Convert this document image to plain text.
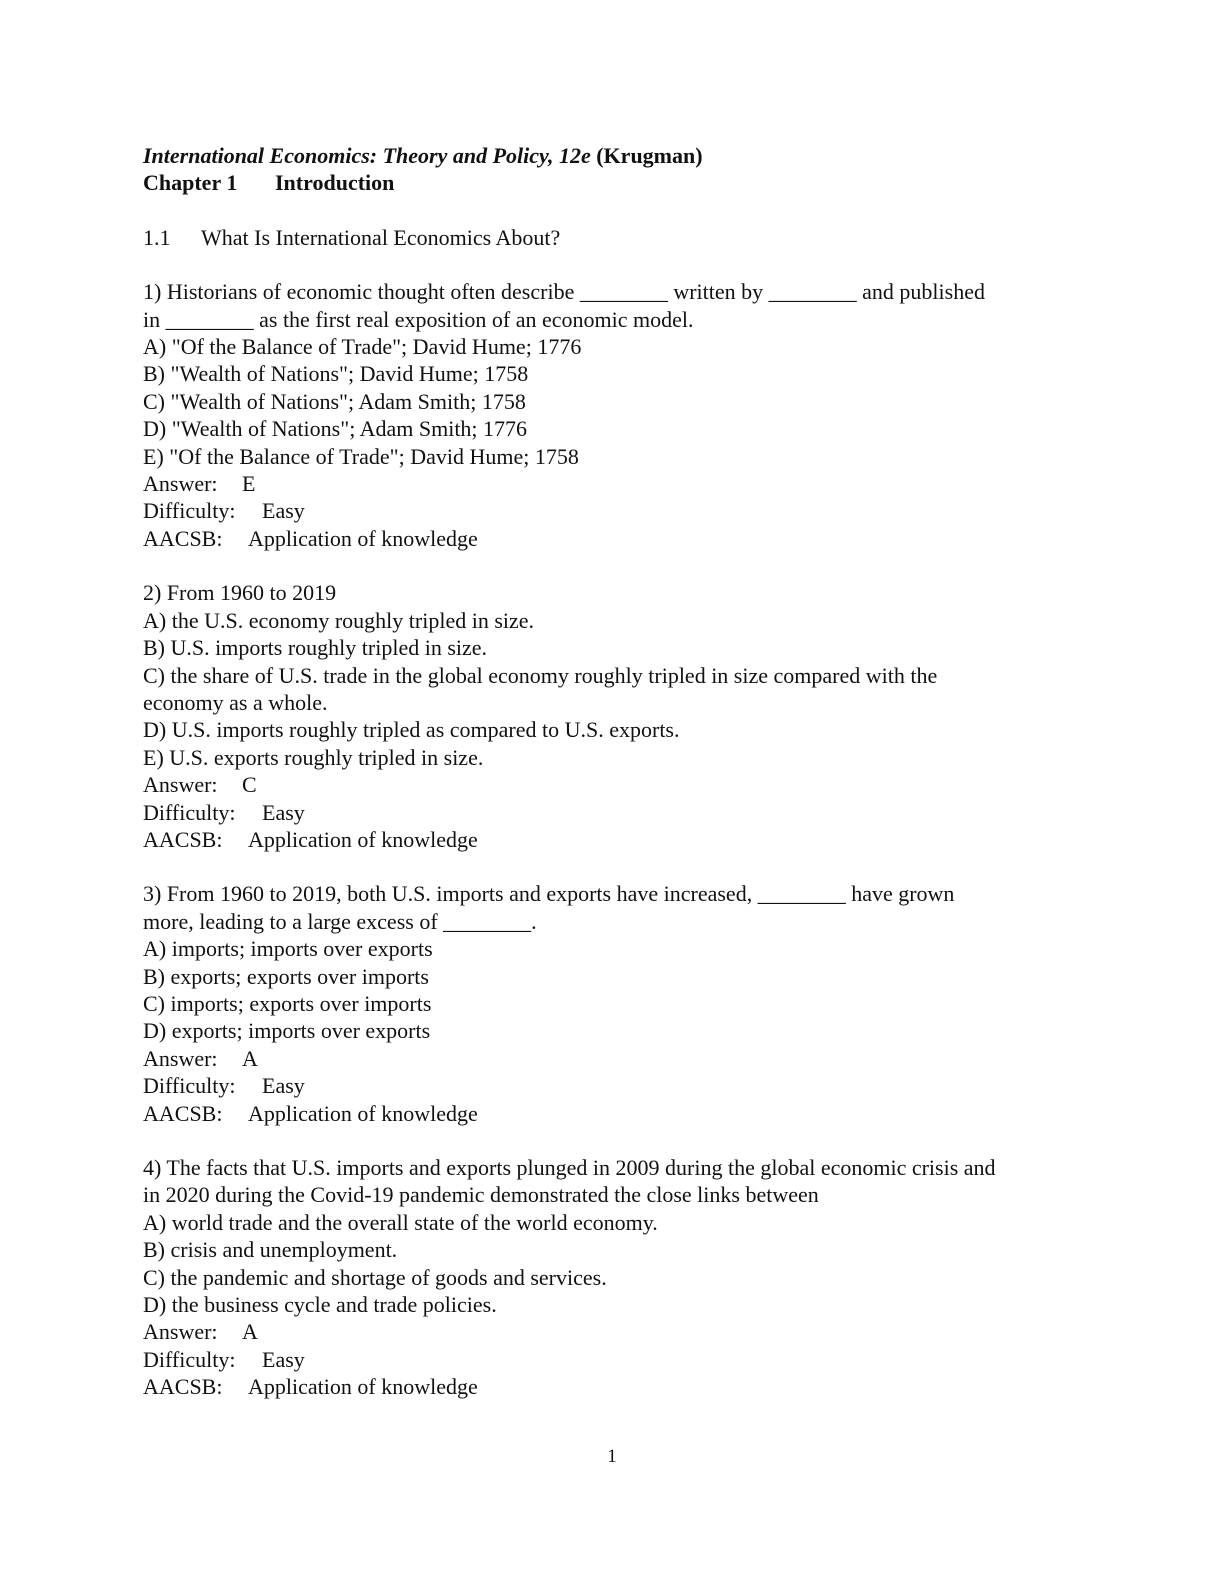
International Economics: Theory and Policy, 12e (Krugman)

Chapter 1 Introduction

1.1 What Is International Economics About?

1) Historians of economic thought often describe ________ written by ________ and published

in ________ as the first real exposition of an economic model.

A) "Of the Balance of Trade"; David Hume; 1776

B) "Wealth of Nations"; David Hume; 1758

C) "Wealth of Nations"; Adam Smith; 1758

D) "Wealth of Nations"; Adam Smith; 1776

E) "Of the Balance of Trade"; David Hume; 1758

Answer: E

Difficulty: Easy

AACSB: Application of knowledge

2) From 1960 to 2019

A) the U.S. economy roughly tripled in size.

B) U.S. imports roughly tripled in size.

C) the share of U.S. trade in the global economy roughly tripled in size compared with the

economy as a whole.

D) U.S. imports roughly tripled as compared to U.S. exports.

E) U.S. exports roughly tripled in size.

Answer: C

Difficulty: Easy

AACSB: Application of knowledge

3) From 1960 to 2019, both U.S. imports and exports have increased, ________ have grown

more, leading to a large excess of ________.

A) imports; imports over exports

B) exports; exports over imports

C) imports; exports over imports

D) exports; imports over exports

Answer: A

Difficulty: Easy

AACSB: Application of knowledge

4) The facts that U.S. imports and exports plunged in 2009 during the global economic crisis and

in 2020 during the Covid-19 pandemic demonstrated the close links between

A) world trade and the overall state of the world economy.

B) crisis and unemployment.

C) the pandemic and shortage of goods and services.

D) the business cycle and trade policies.

Answer: A

Difficulty: Easy

AACSB: Application of knowledge

1
